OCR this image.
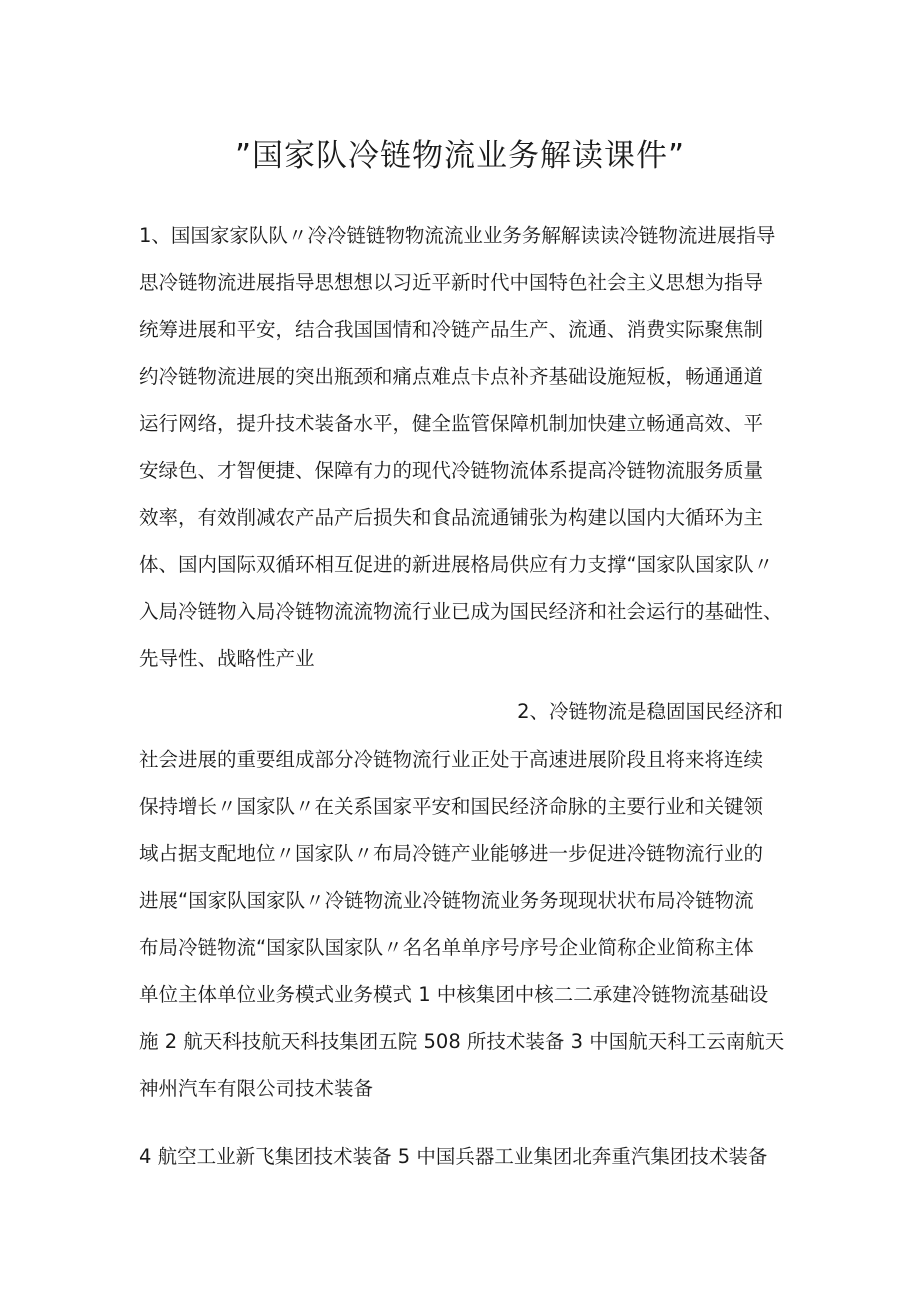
”国家队冷链物流业务解读课件”

1、国国家家队队〃冷冷链链物物流流业业务务解解读读冷链物流进展指导

思冷链物流进展指导思想想以习近平新时代中国特色社会主义思想为指导

统筹进展和平安，结合我国国情和冷链产品生产、流通、消费实际聚焦制

约冷链物流进展的突出瓶颈和痛点难点卡点补齐基础设施短板，畅通通道

运行网络，提升技术装备水平，健全监管保障机制加快建立畅通高效、平

安绿色、才智便捷、保障有力的现代冷链物流体系提高冷链物流服务质量

效率，有效削减农产品产后损失和食品流通铺张为构建以国内大循环为主

体、国内国际双循环相互促进的新进展格局供应有力支撑“国家队国家队〃

入局冷链物入局冷链物流流物流行业已成为国民经济和社会运行的基础性、

先导性、战略性产业

2、冷链物流是稳固国民经济和

社会进展的重要组成部分冷链物流行业正处于高速进展阶段且将来将连续

保持增长〃国家队〃在关系国家平安和国民经济命脉的主要行业和关键领

域占据支配地位〃国家队〃布局冷链产业能够进一步促进冷链物流行业的

进展“国家队国家队〃冷链物流业冷链物流业务务现现状状布局冷链物流

布局冷链物流“国家队国家队〃名名单单序号序号企业简称企业简称主体

单位主体单位业务模式业务模式 1 中核集团中核二二承建冷链物流基础设

施 2 航天科技航天科技集团五院 508 所技术装备 3 中国航天科工云南航天

神州汽车有限公司技术装备

4 航空工业新飞集团技术装备 5 中国兵器工业集团北奔重汽集团技术装备
